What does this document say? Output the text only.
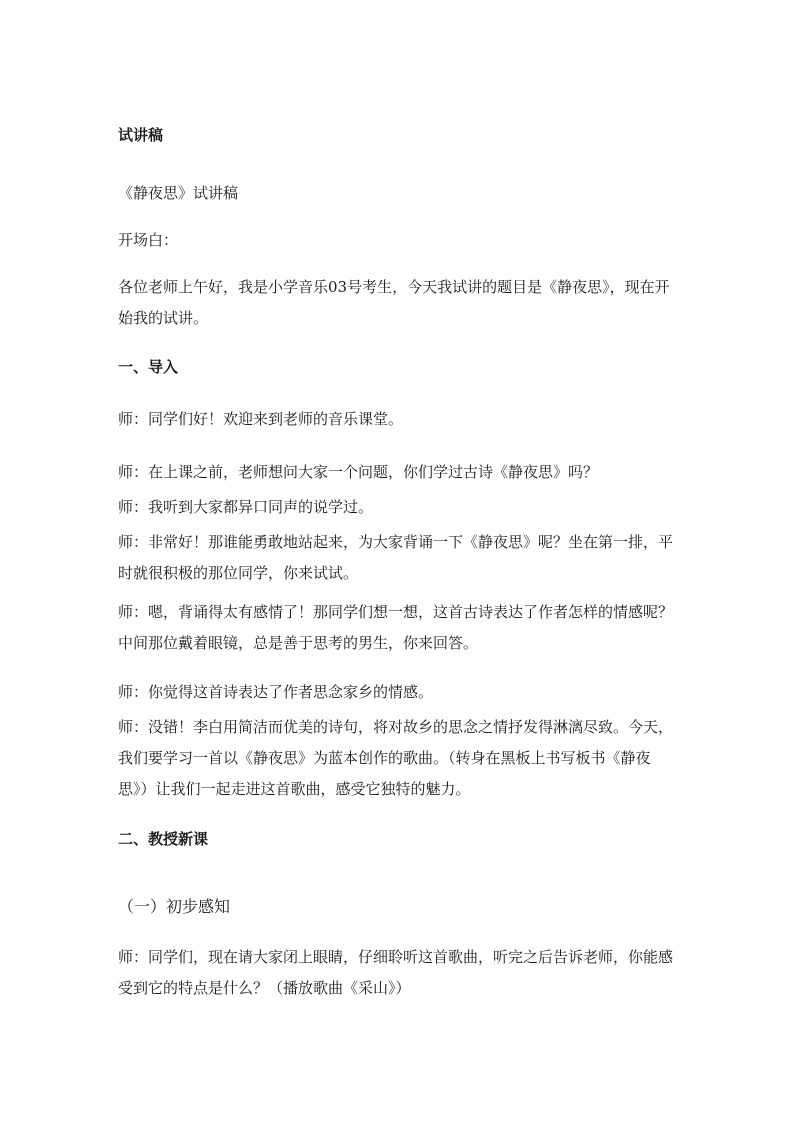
试讲稿

《静夜思》试讲稿

开场白：

各位老师上午好，我是小学音乐03号考生，今天我试讲的题目是《静夜思》，现在开始我的试讲。

一、导入

师：同学们好！欢迎来到老师的音乐课堂。

师：在上课之前，老师想问大家一个问题，你们学过古诗《静夜思》吗？

师：我听到大家都异口同声的说学过。

师：非常好！那谁能勇敢地站起来，为大家背诵一下《静夜思》呢？坐在第一排，平时就很积极的那位同学，你来试试。

师：嗯，背诵得太有感情了！那同学们想一想，这首古诗表达了作者怎样的情感呢？中间那位戴着眼镜，总是善于思考的男生，你来回答。

师：你觉得这首诗表达了作者思念家乡的情感。

师：没错！李白用简洁而优美的诗句，将对故乡的思念之情抒发得淋漓尽致。今天，我们要学习一首以《静夜思》为蓝本创作的歌曲。（转身在黑板上书写板书《静夜思》）让我们一起走进这首歌曲，感受它独特的魅力。

二、教授新课

（一）初步感知

师：同学们，现在请大家闭上眼睛，仔细聆听这首歌曲，听完之后告诉老师，你能感受到它的特点是什么？（播放歌曲《采山》）
